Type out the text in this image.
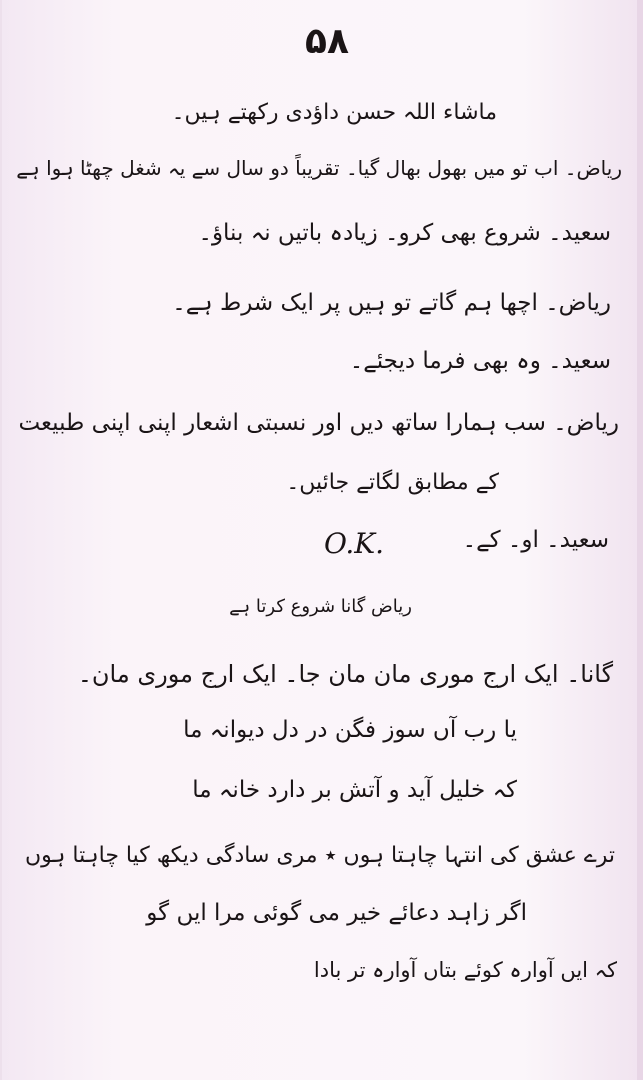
۵۸
ماشاء اللہ حسن داؤدی رکھتے ہیں۔
ریاض۔ اب تو میں بھول بھال گیا۔ تقریباً دو سال سے یہ شغل چھٹا ہوا ہے
سعید۔ شروع بھی کرو۔ زیادہ باتیں نہ بناؤ۔
ریاض۔ اچھا ہم گاتے تو ہیں پر ایک شرط ہے۔
سعید۔ وہ بھی فرما دیجئے۔
ریاض۔ سب ہمارا ساتھ دیں اور نسبتی اشعار اپنی اپنی طبیعت
کے مطابق لگاتے جائیں۔
سعید۔ او۔ کے۔
O.K.
ریاض گانا شروع کرتا ہے
گانا۔ ایک ارج موری مان مان جا۔ ایک ارج موری مان۔
یا رب آں سوز فگن در دل دیوانہ ما
کہ خلیل آید و آتش بر دارد خانہ ما
ترے عشق کی انتہا چاہتا ہوں ٭ مری سادگی دیکھ کیا چاہتا ہوں
اگر زاہد دعائے خیر می گوئی مرا ایں گو
کہ ایں آوارہ کوئے بتاں آوارہ تر بادا
